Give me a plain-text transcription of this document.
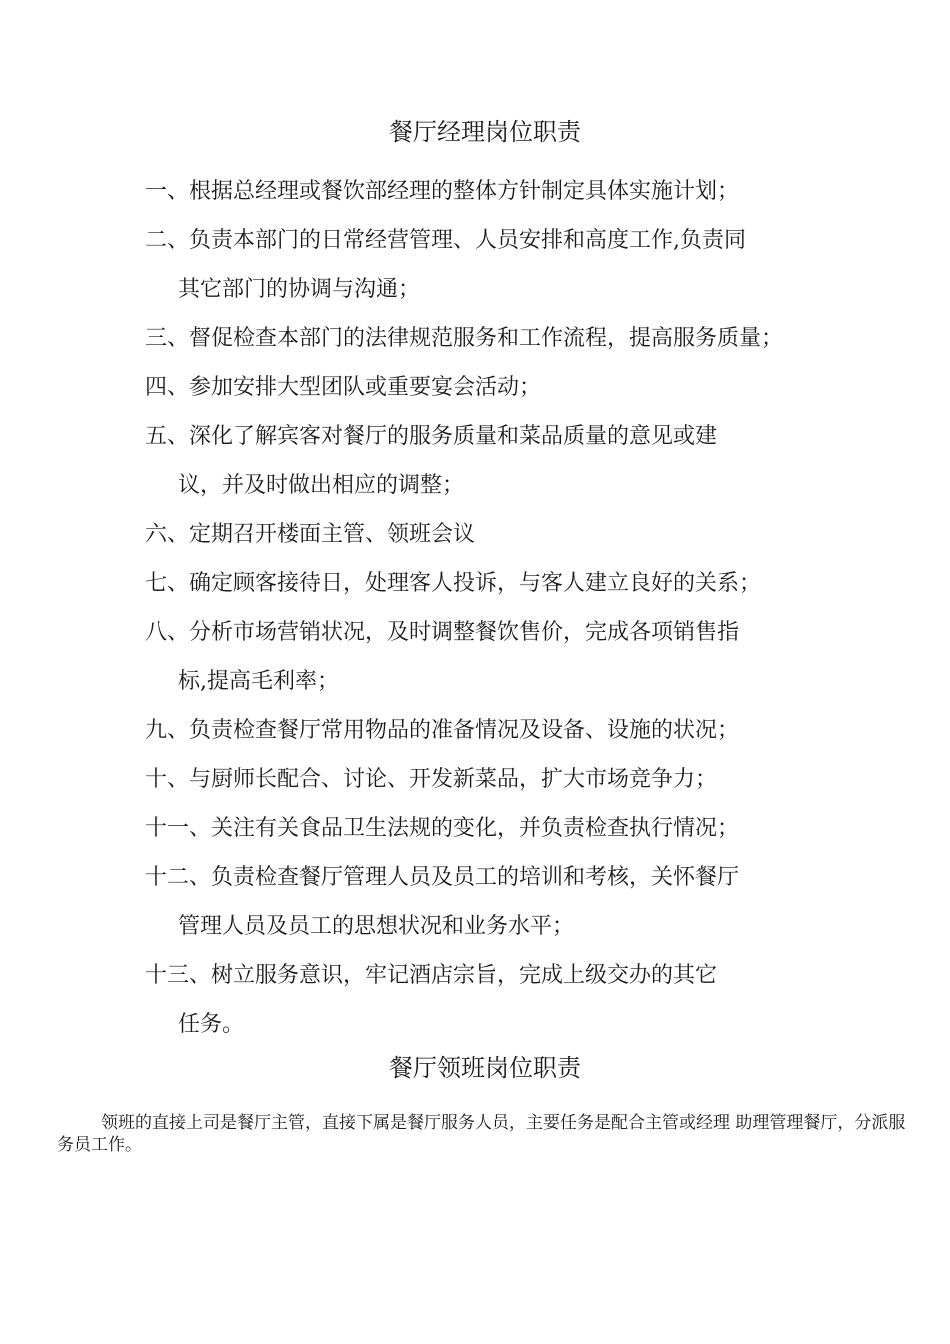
餐厅经理岗位职责
一、根据总经理或餐饮部经理的整体方针制定具体实施计划；
二、负责本部门的日常经营管理、人员安排和高度工作,负责同
其它部门的协调与沟通；
三、督促检查本部门的法律规范服务和工作流程，提高服务质量；
四、参加安排大型团队或重要宴会活动；
五、深化了解宾客对餐厅的服务质量和菜品质量的意见或建
议，并及时做出相应的调整；
六、定期召开楼面主管、领班会议
七、确定顾客接待日，处理客人投诉，与客人建立良好的关系；
八、分析市场营销状况，及时调整餐饮售价，完成各项销售指
标,提高毛利率；
九、负责检查餐厅常用物品的准备情况及设备、设施的状况；
十、与厨师长配合、讨论、开发新菜品，扩大市场竞争力；
十一、关注有关食品卫生法规的变化，并负责检查执行情况；
十二、负责检查餐厅管理人员及员工的培训和考核，关怀餐厅
管理人员及员工的思想状况和业务水平；
十三、树立服务意识，牢记酒店宗旨，完成上级交办的其它
任务。
餐厅领班岗位职责

领班的直接上司是餐厅主管，直接下属是餐厅服务人员，主要任务是配合主管或经理 助理管理餐厅，分派服务员工作。
